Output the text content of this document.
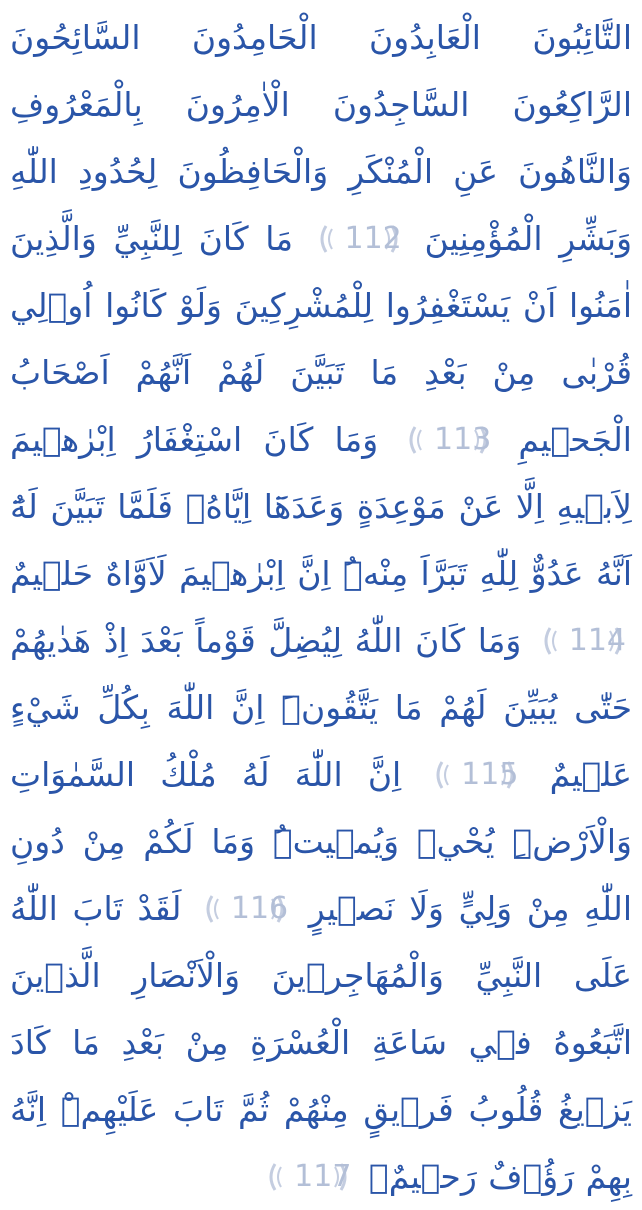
التَّائِبُونَ الْعَابِدُونَ الْحَامِدُونَ السَّائِحُونَ الرَّاكِعُونَ السَّاجِدُونَ الْاٰمِرُونَ بِالْمَعْرُوفِ وَالنَّاهُونَ عَنِ الْمُنْكَرِ وَالْحَافِظُونَ لِحُدُودِ اللّٰهِ وَبَشِّرِ الْمُؤْمِنِينَ
112
مَا كَانَ لِلنَّبِيِّ وَالَّذِينَ اٰمَنُوا اَنْ يَسْتَغْفِرُوا لِلْمُشْرِكِينَ وَلَوْ كَانُوا اُو۬لِي قُرْبٰى مِنْ بَعْدِ مَا تَبَيَّنَ لَهُمْ اَنَّهُمْ اَصْحَابُ الْجَح۪يمِ
113
وَمَا كَانَ اسْتِغْفَارُ اِبْرٰه۪يمَ لِاَب۪يهِ اِلَّا عَنْ مَوْعِدَةٍ وَعَدَهَٓا اِيَّاهُۚ فَلَمَّا تَبَيَّنَ لَهُٓ اَنَّهُ عَدُوٌّ لِلّٰهِ تَبَرَّاَ مِنْهُۜ اِنَّ اِبْرٰه۪يمَ لَاَوَّاهٌ حَل۪يمٌ
114
وَمَا كَانَ اللّٰهُ لِيُضِلَّ قَوْماً بَعْدَ اِذْ هَدٰيهُمْ حَتّٰى يُبَيِّنَ لَهُمْ مَا يَتَّقُونَۜ اِنَّ اللّٰهَ بِكُلِّ شَيْءٍ عَل۪يمٌ
115
اِنَّ اللّٰهَ لَهُ مُلْكُ السَّمٰوَاتِ وَالْاَرْضِۜ يُحْي۪ وَيُم۪يتُۜ وَمَا لَكُمْ مِنْ دُونِ اللّٰهِ مِنْ وَلِيٍّ وَلَا نَص۪يرٍ
116
لَقَدْ تَابَ اللّٰهُ عَلَى النَّبِيِّ وَالْمُهَاجِر۪ينَ وَالْاَنْصَارِ الَّذ۪ينَ اتَّبَعُوهُ ف۪ي سَاعَةِ الْعُسْرَةِ مِنْ بَعْدِ مَا كَادَ يَز۪يغُ قُلُوبُ فَر۪يقٍ مِنْهُمْ ثُمَّ تَابَ عَلَيْهِمْۜ اِنَّهُ بِهِمْ رَؤُ۫فٌ رَح۪يمٌۙ
117
